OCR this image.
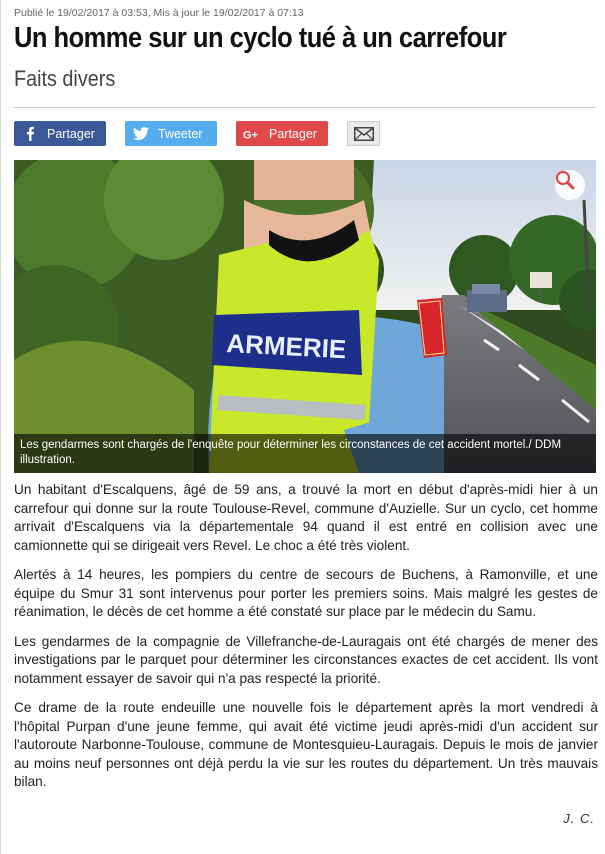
Publié le 19/02/2017 à 03:53, Mis à jour le 19/02/2017 à 07:13
Un homme sur un cyclo tué à un carrefour
Faits divers
Partager	Tweeter	G+ Partager
ARMERIE
Les gendarmes sont chargés de l'enquête pour déterminer les circonstances de cet accident mortel./ DDM illustration.

Un habitant d'Escalquens, âgé de 59 ans, a trouvé la mort en début d'après-midi hier à un carrefour qui donne sur la route Toulouse-Revel, commune d'Auzielle. Sur un cyclo, cet homme arrivait d'Escalquens via la départementale 94 quand il est entré en collision avec une camionnette qui se dirigeait vers Revel. Le choc a été très violent.

Alertés à 14 heures, les pompiers du centre de secours de Buchens, à Ramonville, et une équipe du Smur 31 sont intervenus pour porter les premiers soins. Mais malgré les gestes de réanimation, le décès de cet homme a été constaté sur place par le médecin du Samu.

Les gendarmes de la compagnie de Villefranche-de-Lauragais ont été chargés de mener des investigations par le parquet pour déterminer les circonstances exactes de cet accident. Ils vont notamment essayer de savoir qui n'a pas respecté la priorité.

Ce drame de la route endeuille une nouvelle fois le département après la mort vendredi à l'hôpital Purpan d'une jeune femme, qui avait été victime jeudi après-midi d'un accident sur l'autoroute Narbonne-Toulouse, commune de Montesquieu-Lauragais. Depuis le mois de janvier au moins neuf personnes ont déjà perdu la vie sur les routes du département. Un très mauvais bilan.

J. C.
